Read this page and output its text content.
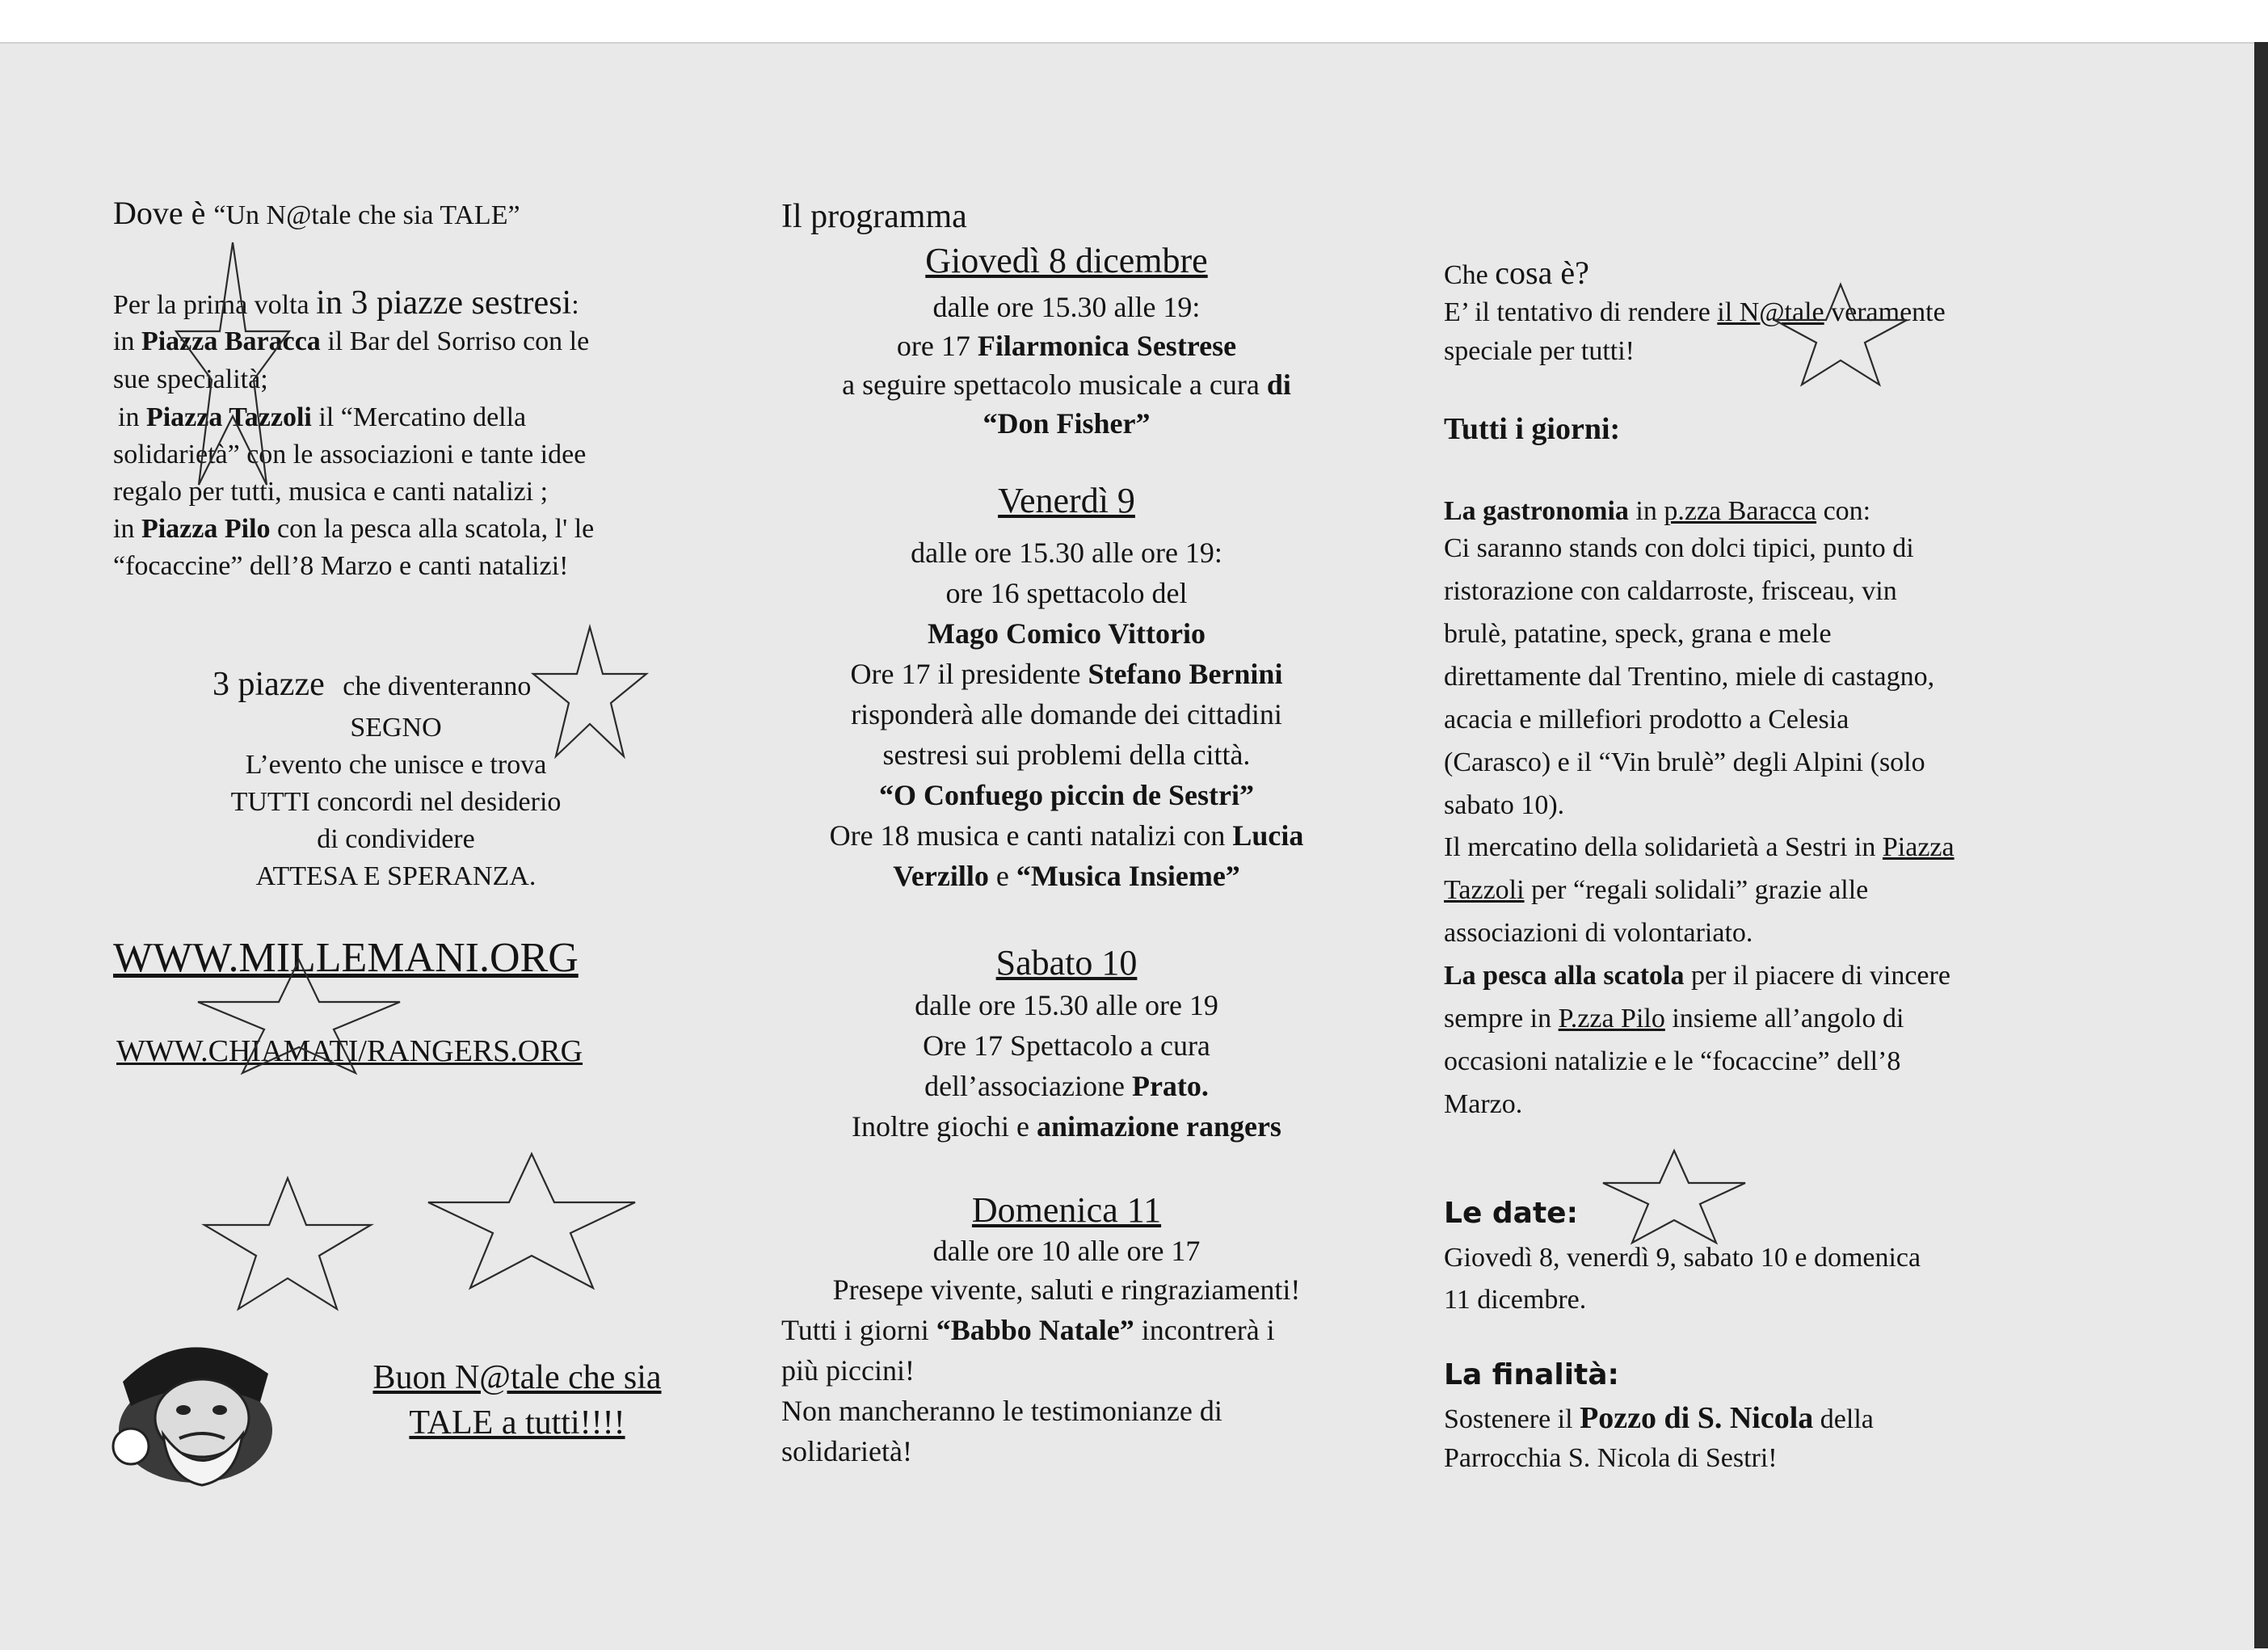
Dove è “Un N@tale che sia TALE”
Per la prima volta in 3 piazze sestresi:
in Piazza Baracca il Bar del Sorriso con le
sue specialità;
in Piazza Tazzoli il “Mercatino della
solidarietà” con le associazioni e tante idee
regalo per tutti, musica e canti natalizi ;
in Piazza Pilo con la pesca alla scatola, l' le
“focaccine” dell’8 Marzo e canti natalizi!
3 piazze che diventeranno
SEGNO
L’evento che unisce e trova
TUTTI concordi nel desiderio
di condividere
ATTESA E SPERANZA.
WWW.MILLEMANI.ORG
WWW.CHIAMATI/RANGERS.ORG
Buon N@tale che sia
TALE a tutti!!!!
Il programma
Giovedì 8 dicembre
dalle ore 15.30 alle 19:
ore 17 Filarmonica Sestrese
a seguire spettacolo musicale a cura di
“Don Fisher”
Venerdì 9
dalle ore 15.30 alle ore 19:
ore 16 spettacolo del
Mago Comico Vittorio
Ore 17 il presidente Stefano Bernini
risponderà alle domande dei cittadini
sestresi sui problemi della città.
“O Confuego piccin de Sestri”
Ore 18 musica e canti natalizi con Lucia
Verzillo e “Musica Insieme”
Sabato 10
dalle ore 15.30 alle ore 19
Ore 17 Spettacolo a cura
dell’associazione Prato.
Inoltre giochi e animazione rangers
Domenica 11
dalle ore 10 alle ore 17
Presepe vivente, saluti e ringraziamenti!
Tutti i giorni “Babbo Natale” incontrerà i
più piccini!
Non mancheranno le testimonianze di
solidarietà!
Che cosa è?
E’ il tentativo di rendere il N@tale veramente
speciale per tutti!
Tutti i giorni:
La gastronomia in p.zza Baracca con:
Ci saranno stands con dolci tipici, punto di
ristorazione con caldarroste, frisceau, vin
brulè, patatine, speck, grana e mele
direttamente dal Trentino, miele di castagno,
acacia e millefiori prodotto a Celesia
(Carasco) e il “Vin brulè” degli Alpini (solo
sabato 10).
Il mercatino della solidarietà a Sestri in Piazza
Tazzoli per “regali solidali” grazie alle
associazioni di volontariato.
La pesca alla scatola per il piacere di vincere
sempre in P.zza Pilo insieme all’angolo di
occasioni natalizie e le “focaccine” dell’8
Marzo.
Le date:
Giovedì 8, venerdì 9, sabato 10 e domenica
11 dicembre.
La finalità:
Sostenere il Pozzo di S. Nicola della
Parrocchia S. Nicola di Sestri!
